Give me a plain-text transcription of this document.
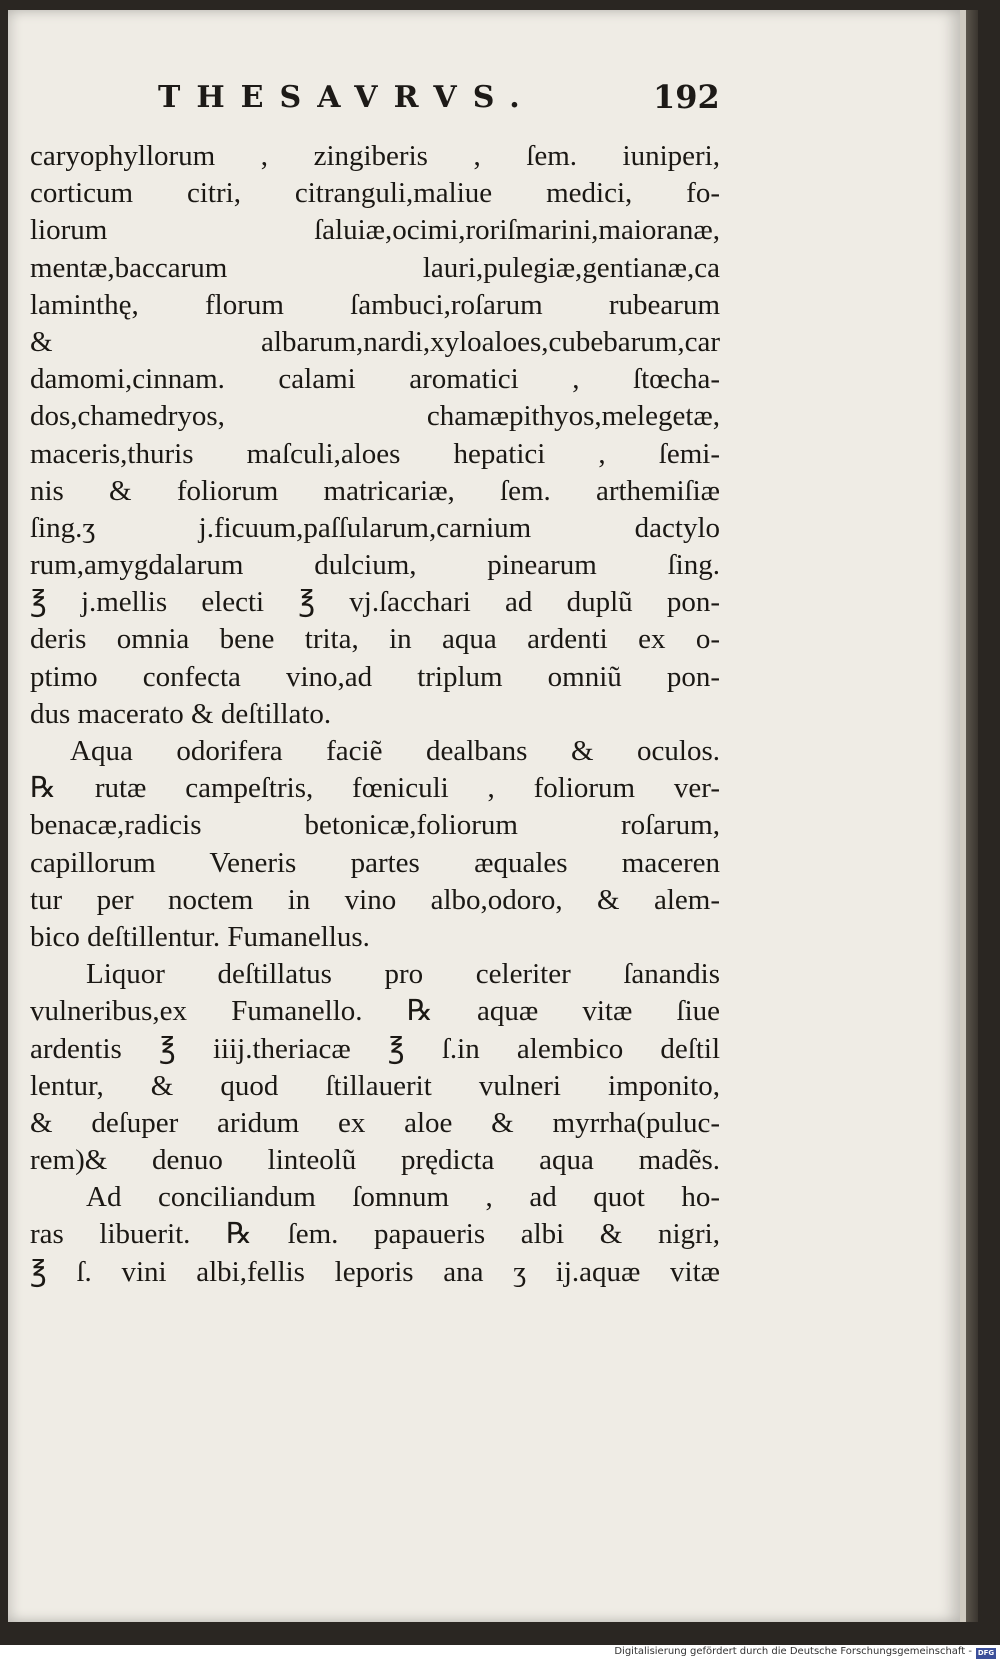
THESAVRVS.	192
caryophyllorum , zingiberis , ſem. iuniperi,
corticum citri, citranguli,maliue medici, fo-
liorum ſaluiæ,ocimi,roriſmarini,maioranæ,
mentæ,baccarum lauri,pulegiæ,gentianæ,ca
laminthę, florum ſambuci,roſarum rubearum
& albarum,nardi,xyloaloes,cubebarum,car
damomi,cinnam. calami aromatici , ſtœcha-
dos,chamedryos, chamæpithyos,melegetæ,
maceris,thuris maſculi,aloes hepatici , ſemi-
nis & foliorum matricariæ, ſem. arthemiſiæ
ſing.ʒ j.ficuum,paſſularum,carnium dactylo
rum,amygdalarum dulcium, pinearum ſing.
℥ j.mellis electi ℥ vj.ſacchari ad duplũ pon-
deris omnia bene trita, in aqua ardenti ex o-
ptimo confecta vino,ad triplum omniũ pon-
dus macerato & deſtillato.
Aqua odorifera faciẽ dealbans & oculos.
℞ rutæ campeſtris, fœniculi , foliorum ver-
benacæ,radicis betonicæ,foliorum roſarum,
capillorum Veneris partes æquales maceren
tur per noctem in vino albo,odoro, & alem-
bico deſtillentur. Fumanellus.
Liquor deſtillatus pro celeriter ſanandis
vulneribus,ex Fumanello. ℞ aquæ vitæ ſiue
ardentis ℥ iiij.theriacæ ℥ ſ.in alembico deſtil
lentur, & quod ſtillauerit vulneri imponito,
& deſuper aridum ex aloe & myrrha(puluc-
rem)& denuo linteolũ prędicta aqua madẽs.
Ad conciliandum ſomnum , ad quot ho-
ras libuerit. ℞ ſem. papaueris albi & nigri,
℥ ſ. vini albi,fellis leporis ana ʒ ij.aquæ vitæ
Digitalisierung gefördert durch die Deutsche Forschungsgemeinschaft - DFG
